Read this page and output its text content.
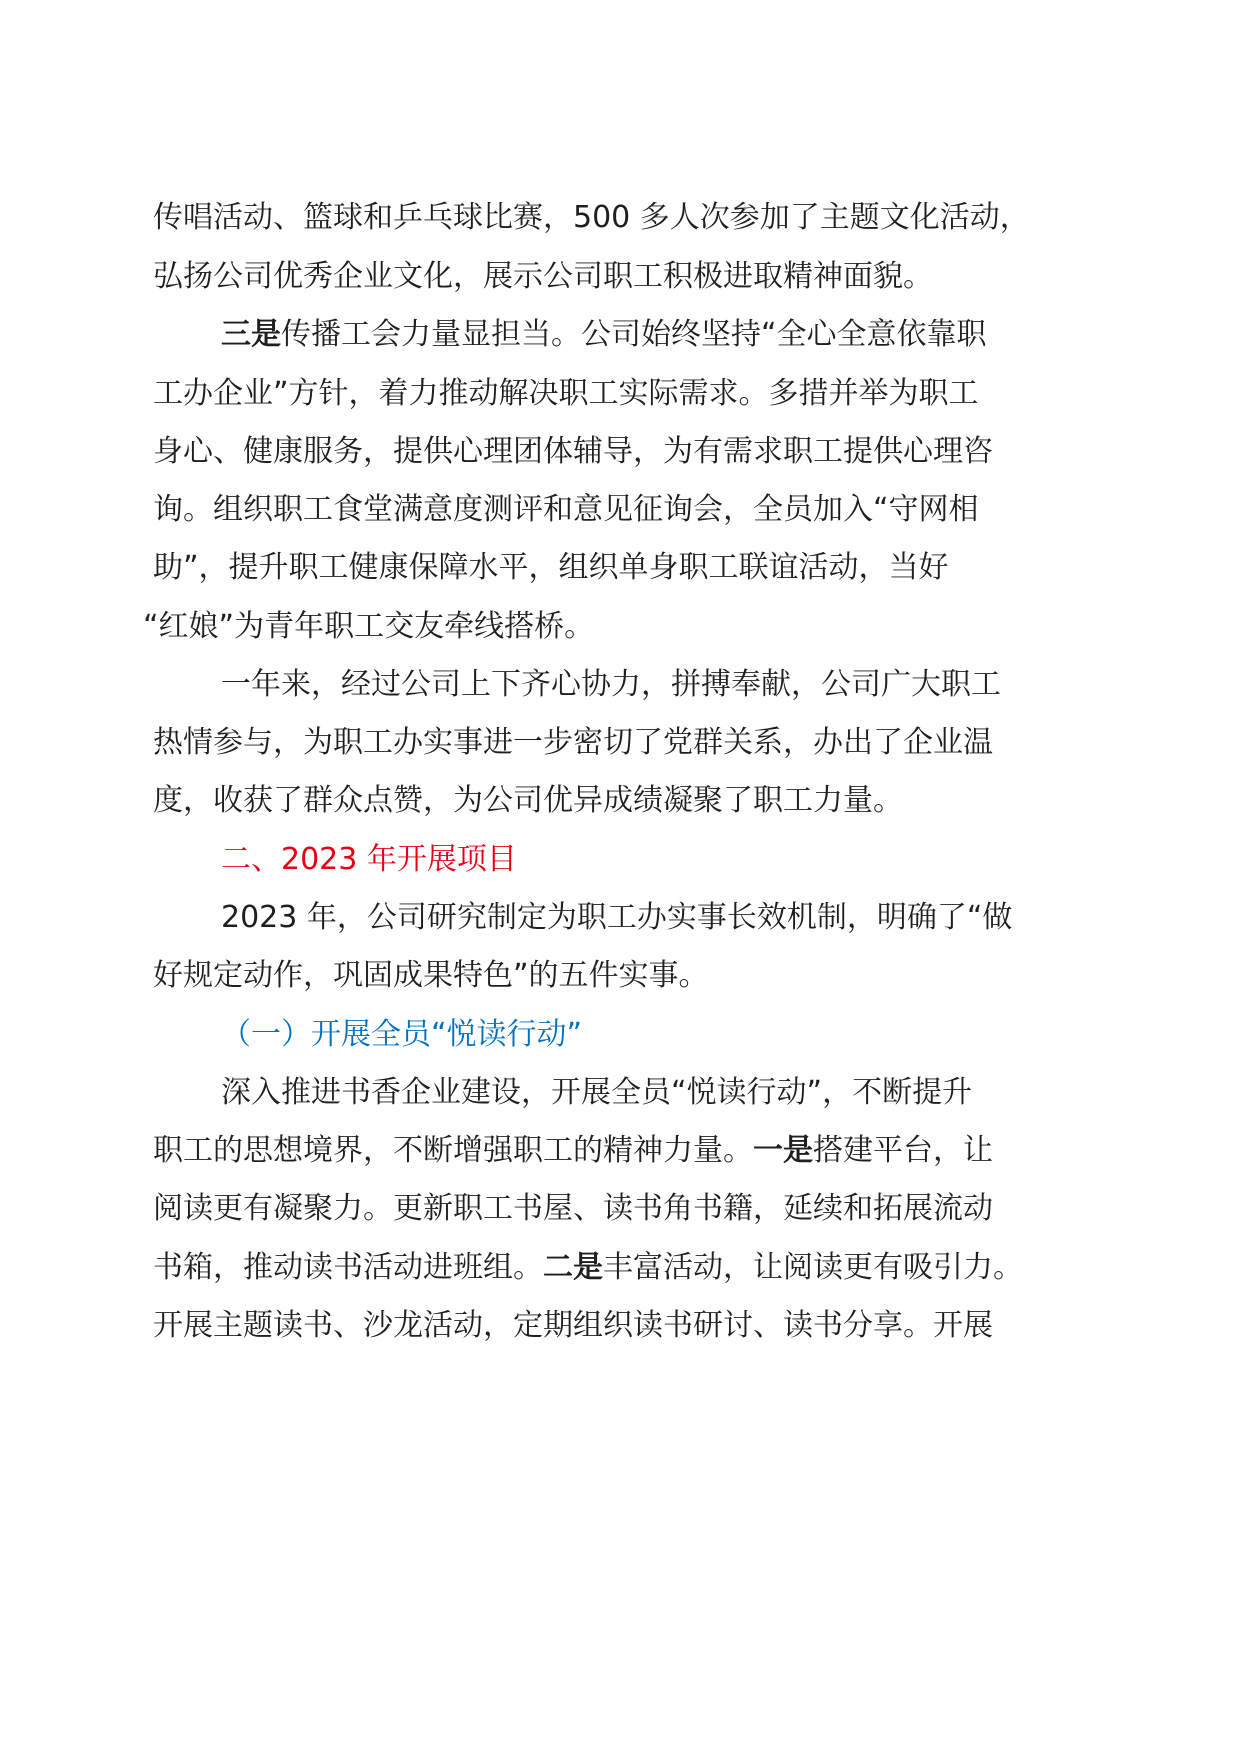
传唱活动、篮球和乒乓球比赛，500 多人次参加了主题文化活动，

弘扬公司优秀企业文化，展示公司职工积极进取精神面貌。

三是传播工会力量显担当。公司始终坚持“全心全意依靠职

工办企业”方针，着力推动解决职工实际需求。多措并举为职工

身心、健康服务，提供心理团体辅导，为有需求职工提供心理咨

询。组织职工食堂满意度测评和意见征询会，全员加入“守网相

助”，提升职工健康保障水平，组织单身职工联谊活动，当好

“红娘”为青年职工交友牵线搭桥。

一年来，经过公司上下齐心协力，拼搏奉献，公司广大职工

热情参与，为职工办实事进一步密切了党群关系，办出了企业温

度，收获了群众点赞，为公司优异成绩凝聚了职工力量。

二、2023 年开展项目

2023 年，公司研究制定为职工办实事长效机制，明确了“做

好规定动作，巩固成果特色”的五件实事。

（一）开展全员“悦读行动”

深入推进书香企业建设，开展全员“悦读行动”，不断提升

职工的思想境界，不断增强职工的精神力量。一是搭建平台，让

阅读更有凝聚力。更新职工书屋、读书角书籍，延续和拓展流动

书箱，推动读书活动进班组。二是丰富活动，让阅读更有吸引力。

开展主题读书、沙龙活动，定期组织读书研讨、读书分享。开展
